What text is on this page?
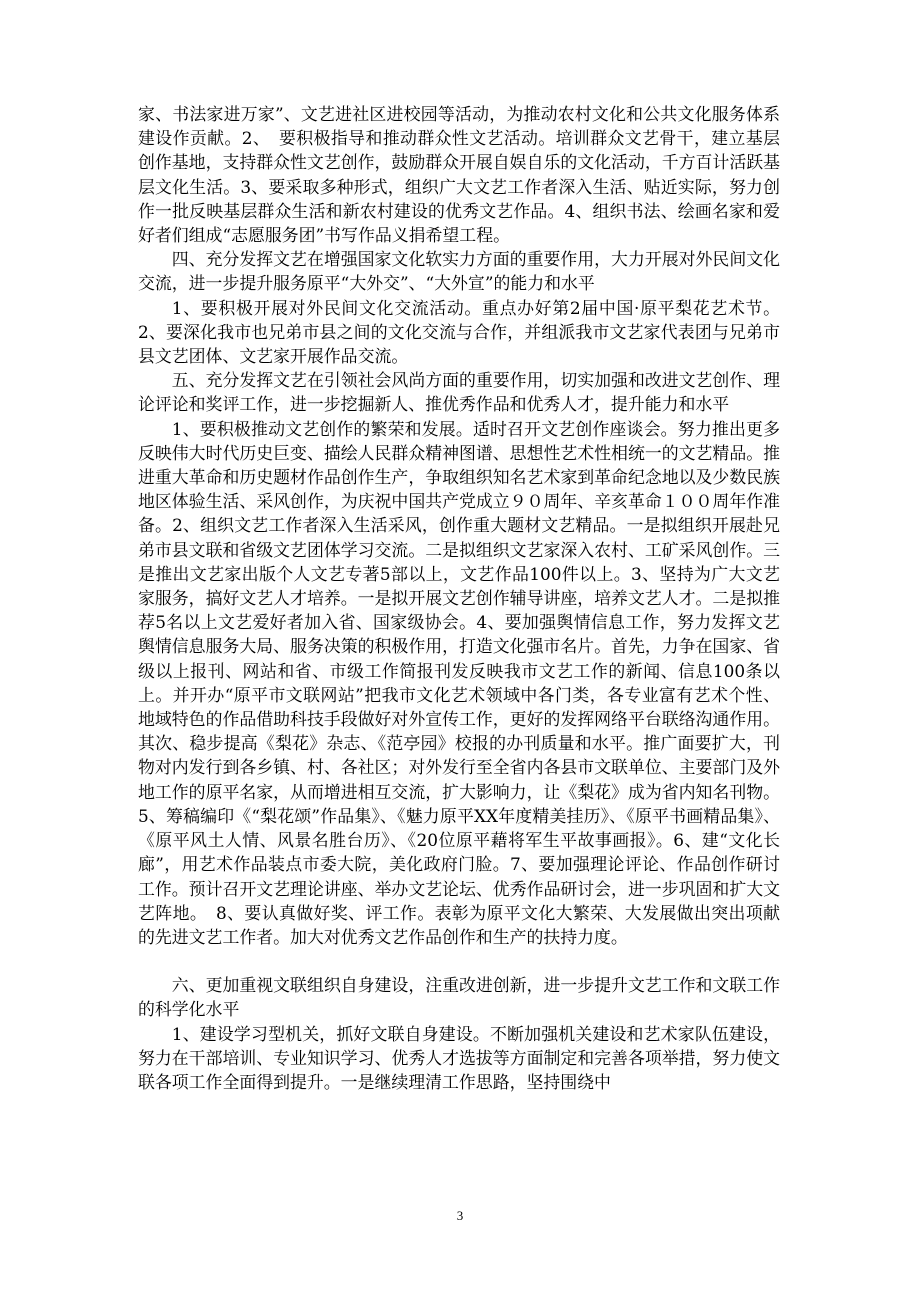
家、书法家进万家”、文艺进社区进校园等活动，为推动农村文化和公共文化服务体系建设作贡献。2、　要积极指导和推动群众性文艺活动。培训群众文艺骨干，建立基层创作基地，支持群众性文艺创作，鼓励群众开展自娱自乐的文化活动，千方百计活跃基层文化生活。3、要采取多种形式，组织广大文艺工作者深入生活、贴近实际，努力创作一批反映基层群众生活和新农村建设的优秀文艺作品。4、组织书法、绘画名家和爱好者们组成“志愿服务团”书写作品义捐希望工程。

四、充分发挥文艺在增强国家文化软实力方面的重要作用，大力开展对外民间文化交流，进一步提升服务原平“大外交”、“大外宣”的能力和水平

1、要积极开展对外民间文化交流活动。重点办好第2届中国·原平梨花艺术节。2、要深化我市也兄弟市县之间的文化交流与合作，并组派我市文艺家代表团与兄弟市县文艺团体、文艺家开展作品交流。

五、充分发挥文艺在引领社会风尚方面的重要作用，切实加强和改进文艺创作、理论评论和奖评工作，进一步挖掘新人、推优秀作品和优秀人才，提升能力和水平

1、要积极推动文艺创作的繁荣和发展。适时召开文艺创作座谈会。努力推出更多反映伟大时代历史巨变、描绘人民群众精神图谱、思想性艺术性相统一的文艺精品。推进重大革命和历史题材作品创作生产，争取组织知名艺术家到革命纪念地以及少数民族地区体验生活、采风创作，为庆祝中国共产党成立９０周年、辛亥革命１００周年作准备。2、组织文艺工作者深入生活采风，创作重大题材文艺精品。一是拟组织开展赴兄弟市县文联和省级文艺团体学习交流。二是拟组织文艺家深入农村、工矿采风创作。三是推出文艺家出版个人文艺专著5部以上，文艺作品100件以上。3、坚持为广大文艺家服务，搞好文艺人才培养。一是拟开展文艺创作辅导讲座，培养文艺人才。二是拟推荐5名以上文艺爱好者加入省、国家级协会。4、要加强舆情信息工作，努力发挥文艺舆情信息服务大局、服务决策的积极作用，打造文化强市名片。首先，力争在国家、省级以上报刊、网站和省、市级工作简报刊发反映我市文艺工作的新闻、信息100条以上。并开办“原平市文联网站”把我市文化艺术领域中各门类，各专业富有艺术个性、地域特色的作品借助科技手段做好对外宣传工作，更好的发挥网络平台联络沟通作用。其次、稳步提高《梨花》杂志、《范亭园》校报的办刊质量和水平。推广面要扩大，刊物对内发行到各乡镇、村、各社区；对外发行至全省内各县市文联单位、主要部门及外地工作的原平名家，从而增进相互交流，扩大影响力，让《梨花》成为省内知名刊物。5、筹稿编印《“梨花颂”作品集》、《魅力原平XX年度精美挂历》、《原平书画精品集》、《原平风土人情、风景名胜台历》、《20位原平藉将军生平故事画报》。6、建“文化长廊”，用艺术作品装点市委大院，美化政府门脸。7、要加强理论评论、作品创作研讨工作。预计召开文艺理论讲座、举办文艺论坛、优秀作品研讨会，进一步巩固和扩大文艺阵地。　8、要认真做好奖、评工作。表彰为原平文化大繁荣、大发展做出突出项献的先进文艺工作者。加大对优秀文艺作品创作和生产的扶持力度。

六、更加重视文联组织自身建设，注重改进创新，进一步提升文艺工作和文联工作的科学化水平

1、建设学习型机关，抓好文联自身建设。不断加强机关建设和艺术家队伍建设，努力在干部培训、专业知识学习、优秀人才选拔等方面制定和完善各项举措，努力使文联各项工作全面得到提升。一是继续理清工作思路，坚持围绕中

3
